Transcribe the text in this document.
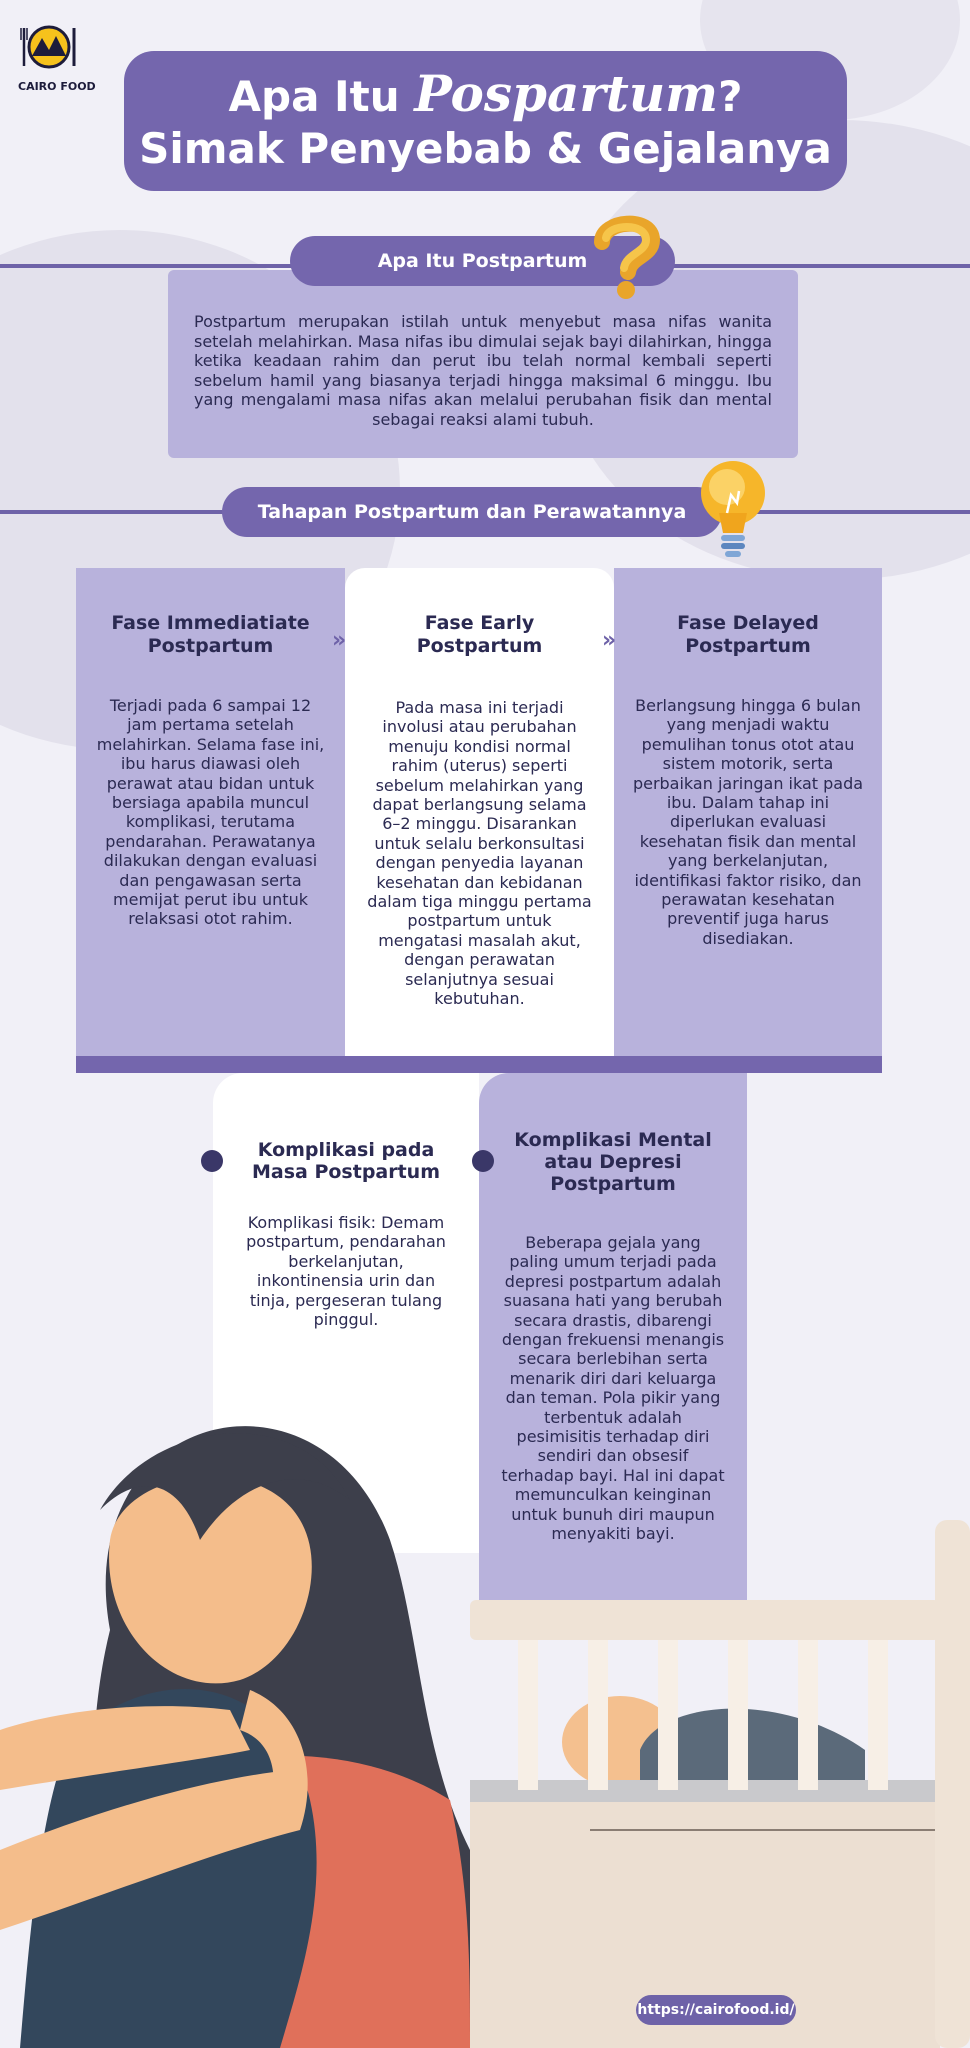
CAIRO FOOD	Apa Itu Pospartum?
Simak Penyebab & Gejalanya
Postpartum merupakan istilah untuk menyebut masa nifas wanita setelah melahirkan. Masa nifas ibu dimulai sejak bayi dilahirkan, hingga ketika keadaan rahim dan perut ibu telah normal kembali seperti sebelum hamil yang biasanya terjadi hingga maksimal 6 minggu. Ibu yang mengalami masa nifas akan melalui perubahan fisik dan mental sebagai reaksi alami tubuh.
Apa Itu Postpartum
Tahapan Postpartum dan Perawatannya
Fase Immediatiate Postpartum
Terjadi pada 6 sampai 12 jam pertama setelah melahirkan. Selama fase ini, ibu harus diawasi oleh perawat atau bidan untuk bersiaga apabila muncul komplikasi, terutama pendarahan. Perawatanya dilakukan dengan evaluasi dan pengawasan serta memijat perut ibu untuk relaksasi otot rahim.
Fase Early Postpartum
Pada masa ini terjadi involusi atau perubahan menuju kondisi normal rahim (uterus) seperti sebelum melahirkan yang dapat berlangsung selama 6–2 minggu. Disarankan untuk selalu berkonsultasi dengan penyedia layanan kesehatan dan kebidanan dalam tiga minggu pertama postpartum untuk mengatasi masalah akut, dengan perawatan selanjutnya sesuai kebutuhan.
Fase Delayed Postpartum
Berlangsung hingga 6 bulan yang menjadi waktu pemulihan tonus otot atau sistem motorik, serta perbaikan jaringan ikat pada ibu. Dalam tahap ini diperlukan evaluasi kesehatan fisik dan mental yang berkelanjutan, identifikasi faktor risiko, dan perawatan kesehatan preventif juga harus disediakan.
»	»
Komplikasi pada Masa Postpartum
Komplikasi fisik: Demam postpartum, pendarahan berkelanjutan, inkontinensia urin dan tinja, pergeseran tulang pinggul.
Komplikasi Mental atau Depresi Postpartum
Beberapa gejala yang paling umum terjadi pada depresi postpartum adalah suasana hati yang berubah secara drastis, dibarengi dengan frekuensi menangis secara berlebihan serta menarik diri dari keluarga dan teman. Pola pikir yang terbentuk adalah pesimisitis terhadap diri sendiri dan obsesif terhadap bayi. Hal ini dapat memunculkan keinginan untuk bunuh diri maupun menyakiti bayi.
https://cairofood.id/
